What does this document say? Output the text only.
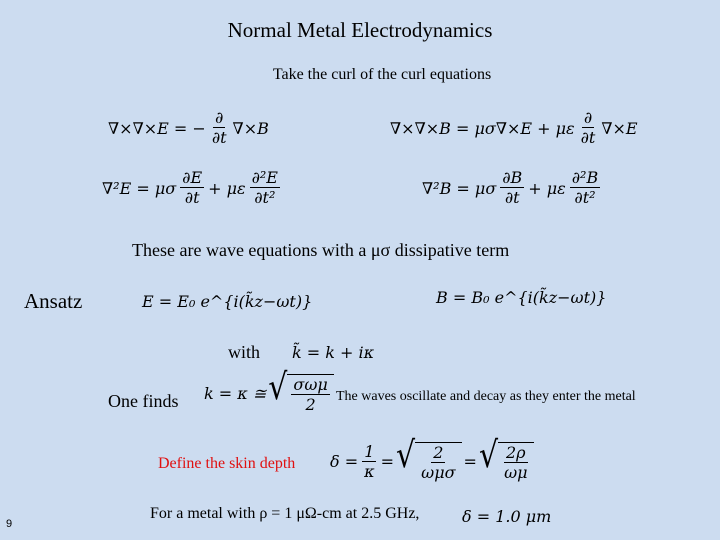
Normal Metal Electrodynamics
Take the curl of the curl equations
∇×∇×E = − $\frac{\partial}{\partial t} \nabla\times B$	∇×∇×B = μσ∇×E + με $\frac{\partial}{\partial t} \nabla\times E$
∇²E = μσ $\frac{\partial E}{\partial t} + \mu\varepsilon \frac{\text{∂²E}}{\text{∂t²}}$	∇²B = μσ $\frac{\partial B}{\partial t} + \mu\varepsilon \frac{\text{∂²B}}{\text{∂t²}}$
These are wave equations with a μσ dissipative term
Ansatz	E = E₀ e^{i(k̃z−ωt)}	B = B₀ e^{i(k̃z−ωt)}
with k̃ = k + iκ
One finds k = κ ≅ √ $\frac{\text{σωμ}}{2}$ The waves oscillate and decay as they enter the metal
Define the skin depth $\delta = \frac{1}{\kappa}$ = √ $\frac{2}{\text{ωμσ}}$ = √ $\frac{2\rho}{\omega\mu}$
For a metal with ρ = 1 μΩ-cm at 2.5 GHz,	δ = 1.0 μm
9
